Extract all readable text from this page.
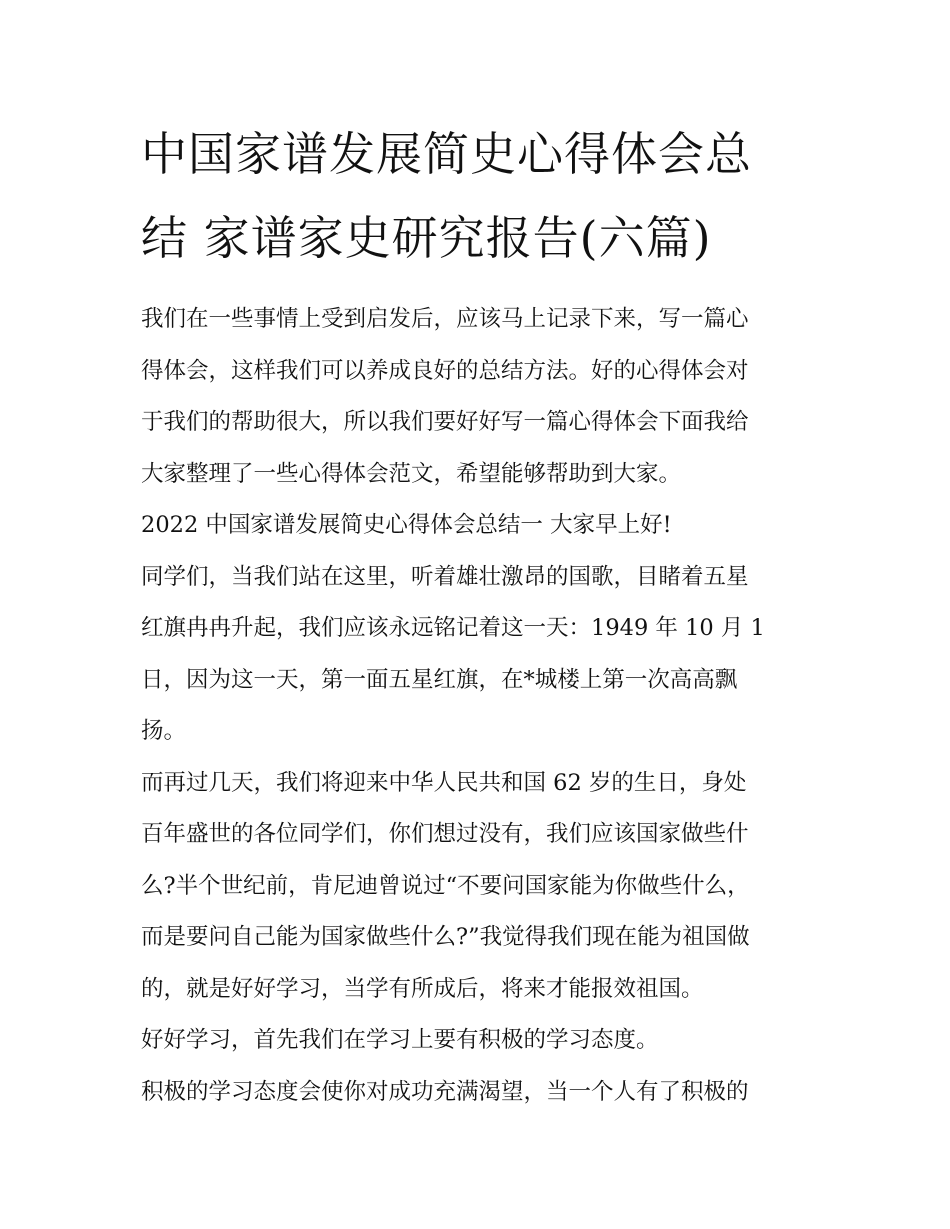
中国家谱发展简史心得体会总
结 家谱家史研究报告(六篇)

我们在一些事情上受到启发后，应该马上记录下来，写一篇心
得体会，这样我们可以养成良好的总结方法。好的心得体会对
于我们的帮助很大，所以我们要好好写一篇心得体会下面我给
大家整理了一些心得体会范文，希望能够帮助到大家。

2022 中国家谱发展简史心得体会总结一 大家早上好!

同学们，当我们站在这里，听着雄壮激昂的国歌，目睹着五星
红旗冉冉升起，我们应该永远铭记着这一天：1949 年 10 月 1
日，因为这一天，第一面五星红旗，在*城楼上第一次高高飘
扬。

而再过几天，我们将迎来中华人民共和国 62 岁的生日，身处
百年盛世的各位同学们，你们想过没有，我们应该国家做些什
么?半个世纪前，肯尼迪曾说过“不要问国家能为你做些什么，
而是要问自己能为国家做些什么?”我觉得我们现在能为祖国做
的，就是好好学习，当学有所成后，将来才能报效祖国。

好好学习，首先我们在学习上要有积极的学习态度。

积极的学习态度会使你对成功充满渴望，当一个人有了积极的
